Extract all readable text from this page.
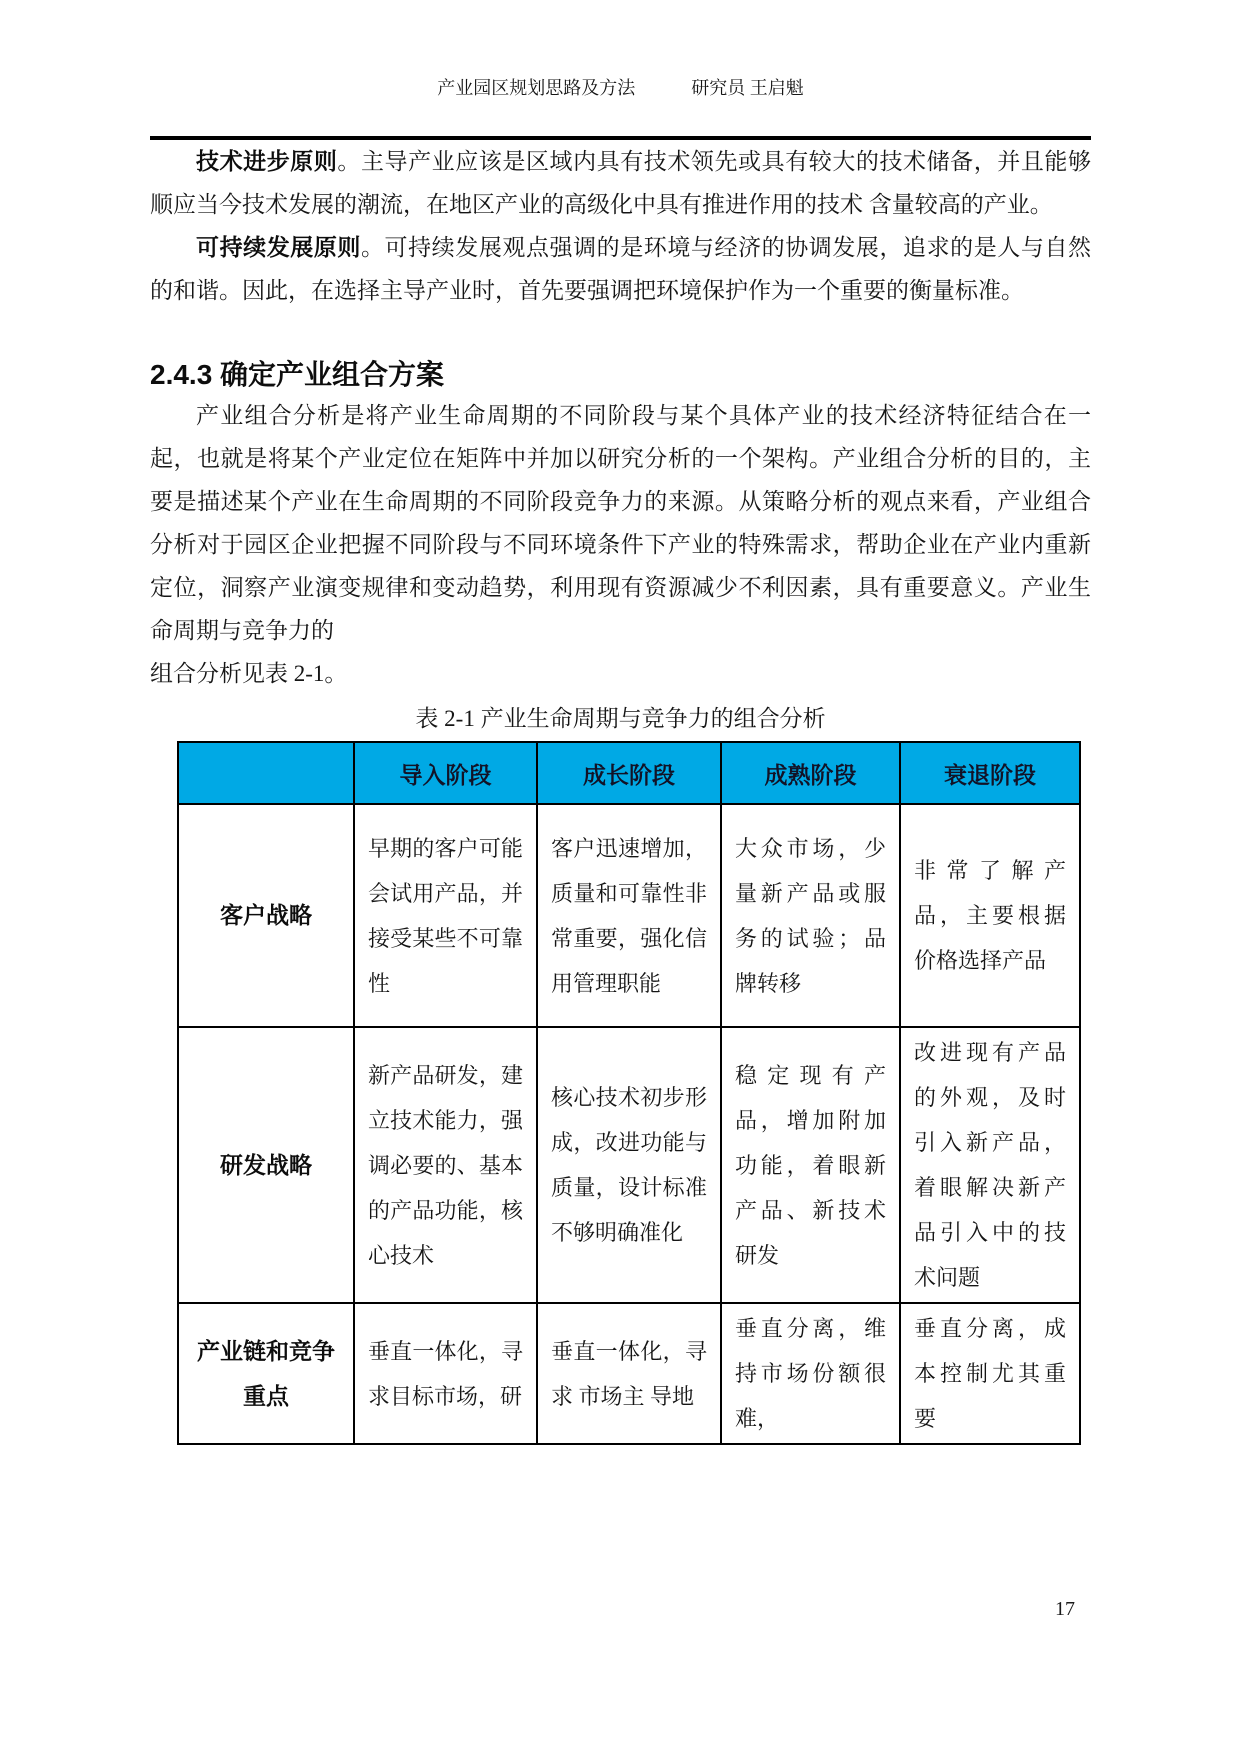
产业园区规划思路及方法	研究员 王启魁

技术进步原则。主导产业应该是区域内具有技术领先或具有较大的技术储备，并且能够顺应当今技术发展的潮流，在地区产业的高级化中具有推进作用的技术 含量较高的产业。

可持续发展原则。可持续发展观点强调的是环境与经济的协调发展，追求的是人与自然的和谐。因此，在选择主导产业时，首先要强调把环境保护作为一个重要的衡量标准。

2.4.3 确定产业组合方案

产业组合分析是将产业生命周期的不同阶段与某个具体产业的技术经济特征结合在一起，也就是将某个产业定位在矩阵中并加以研究分析的一个架构。产业组合分析的目的，主要是描述某个产业在生命周期的不同阶段竞争力的来源。从策略分析的观点来看，产业组合分析对于园区企业把握不同阶段与不同环境条件下产业的特殊需求，帮助企业在产业内重新定位，洞察产业演变规律和变动趋势，利用现有资源减少不利因素，具有重要意义。产业生命周期与竞争力的

组合分析见表 2-1。

表 2-1 产业生命周期与竞争力的组合分析
	导入阶段	成长阶段	成熟阶段	衰退阶段
客户战略	早期的客户可能会试用产品，并接受某些不可靠性	客户迅速增加，质量和可靠性非常重要，强化信用管理职能	大众市场，少量新产品或服务的试验；品牌转移	非常了解产品，主要根据价格选择产品
研发战略	新产品研发，建立技术能力，强调必要的、基本的产品功能，核心技术	核心技术初步形成，改进功能与质量，设计标准不够明确准化	稳定现有产品，增加附加功能，着眼新产品、新技术研发	改进现有产品的外观，及时引入新产品，着眼解决新产品引入中的技术问题
产业链和竞争重点	垂直一体化，寻求目标市场，研	垂直一体化，寻求 市场主 导地	垂直分离，维持市场份额很难，	垂直分离，成本控制尤其重要
17
